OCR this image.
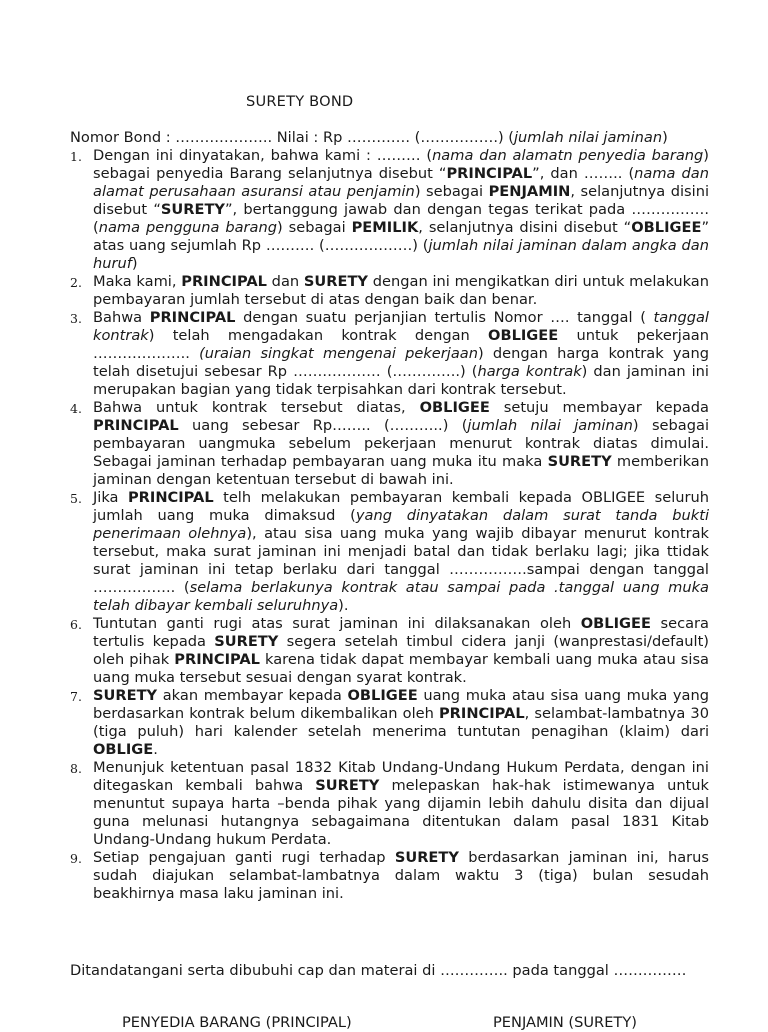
SURETY BOND

Nomor Bond : ……………….. Nilai : Rp …………. (…………….) (jumlah nilai jaminan)

1. Dengan ini dinyatakan, bahwa kami : ……… (nama dan alamatn penyedia barang) sebagai penyedia Barang selanjutnya disebut “PRINCIPAL”, dan …….. (nama dan alamat perusahaan asuransi atau penjamin) sebagai PENJAMIN, selanjutnya disini disebut “SURETY”, bertanggung jawab dan dengan tegas terikat pada ……………. (nama pengguna barang) sebagai PEMILIK, selanjutnya disini disebut “OBLIGEE” atas uang sejumlah Rp ………. (………………) (jumlah nilai jaminan dalam angka dan huruf)
2. Maka kami, PRINCIPAL dan SURETY dengan ini mengikatkan diri untuk melakukan pembayaran jumlah tersebut di atas dengan baik dan benar.
3. Bahwa PRINCIPAL dengan suatu perjanjian tertulis Nomor …. tanggal ( tanggal kontrak) telah mengadakan kontrak dengan OBLIGEE untuk pekerjaan ……………….. (uraian singkat mengenai pekerjaan) dengan harga kontrak yang telah disetujui sebesar Rp ……………… (…………..) (harga kontrak) dan jaminan ini merupakan bagian yang tidak terpisahkan dari kontrak tersebut.
4. Bahwa untuk kontrak tersebut diatas, OBLIGEE setuju membayar kepada PRINCIPAL uang sebesar Rp…….. (………..) (jumlah nilai jaminan) sebagai pembayaran uangmuka sebelum pekerjaan menurut kontrak diatas dimulai. Sebagai jaminan terhadap pembayaran uang muka itu maka SURETY memberikan jaminan dengan ketentuan tersebut di bawah ini.
5. Jika PRINCIPAL telh melakukan pembayaran kembali kepada OBLIGEE seluruh jumlah uang muka dimaksud (yang dinyatakan dalam surat tanda bukti penerimaan olehnya), atau sisa uang muka yang wajib dibayar menurut kontrak tersebut, maka surat jaminan ini menjadi batal dan tidak berlaku lagi; jika ttidak surat jaminan ini tetap berlaku dari tanggal …………….sampai dengan tanggal …………….. (selama berlakunya kontrak atau sampai pada .tanggal uang muka telah dibayar kembali seluruhnya).
6. Tuntutan ganti rugi atas surat jaminan ini dilaksanakan oleh OBLIGEE secara tertulis kepada SURETY segera setelah timbul cidera janji (wanprestasi/default) oleh pihak PRINCIPAL karena tidak dapat membayar kembali uang muka atau sisa uang muka tersebut sesuai dengan syarat kontrak.
7. SURETY akan membayar kepada OBLIGEE uang muka atau sisa uang muka yang berdasarkan kontrak belum dikembalikan oleh PRINCIPAL, selambat-lambatnya 30 (tiga puluh) hari kalender setelah menerima tuntutan penagihan (klaim) dari OBLIGE.
8. Menunjuk ketentuan pasal 1832 Kitab Undang-Undang Hukum Perdata, dengan ini ditegaskan kembali bahwa SURETY melepaskan hak-hak istimewanya untuk menuntut supaya harta –benda pihak yang dijamin lebih dahulu disita dan dijual guna melunasi hutangnya sebagaimana ditentukan dalam pasal 1831 Kitab Undang-Undang hukum Perdata.
9. Setiap pengajuan ganti rugi terhadap SURETY berdasarkan jaminan ini, harus sudah diajukan selambat-lambatnya dalam waktu 3 (tiga) bulan sesudah beakhirnya masa laku jaminan ini.

Ditandatangani serta dibubuhi cap dan materai di ………….. pada tanggal ……………

PENYEDIA BARANG (PRINCIPAL)	PENJAMIN (SURETY)
